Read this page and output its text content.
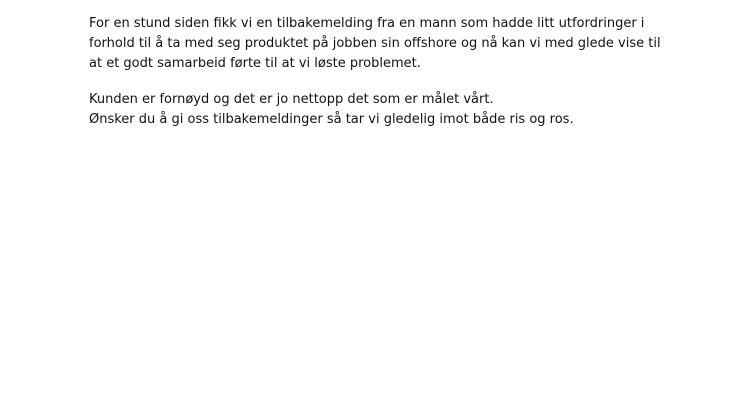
For en stund siden fikk vi en tilbakemelding fra en mann som hadde litt utfordringer i
forhold til å ta med seg produktet på jobben sin offshore og nå kan vi med glede vise til
at et godt samarbeid førte til at vi løste problemet.

Kunden er fornøyd og det er jo nettopp det som er målet vårt.
Ønsker du å gi oss tilbakemeldinger så tar vi gledelig imot både ris og ros.
